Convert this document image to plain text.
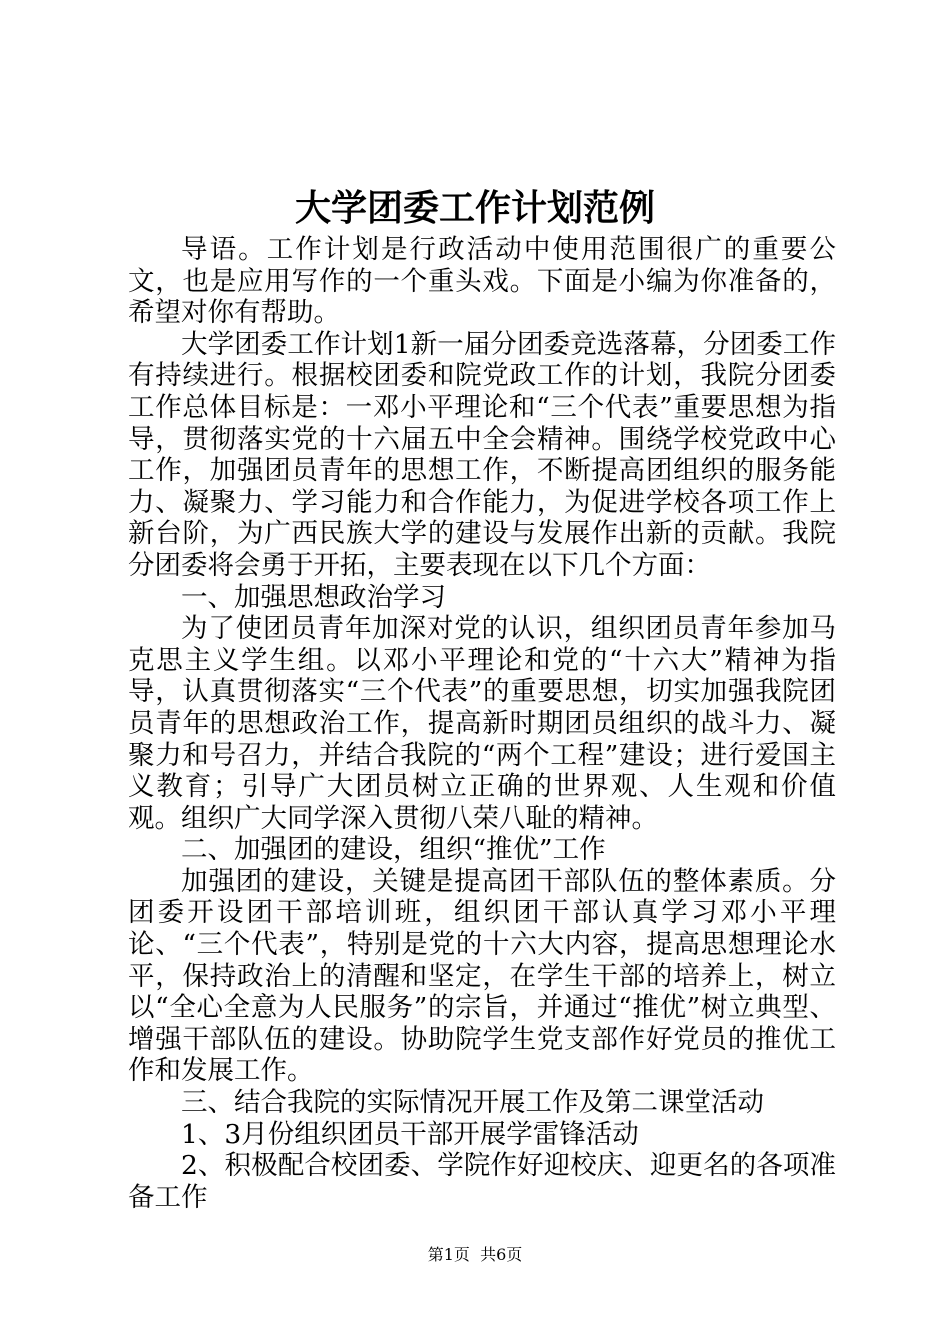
大学团委工作计划范例

导语。工作计划是行政活动中使用范围很广的重要公文，也是应用写作的一个重头戏。下面是小编为你准备的，希望对你有帮助。

大学团委工作计划1新一届分团委竞选落幕，分团委工作有持续进行。根据校团委和院党政工作的计划，我院分团委工作总体目标是：一邓小平理论和“三个代表”重要思想为指导，贯彻落实党的十六届五中全会精神。围绕学校党政中心工作，加强团员青年的思想工作，不断提高团组织的服务能力、凝聚力、学习能力和合作能力，为促进学校各项工作上新台阶，为广西民族大学的建设与发展作出新的贡献。我院分团委将会勇于开拓，主要表现在以下几个方面：

一、加强思想政治学习

为了使团员青年加深对党的认识，组织团员青年参加马克思主义学生组。以邓小平理论和党的“十六大”精神为指导，认真贯彻落实“三个代表”的重要思想，切实加强我院团员青年的思想政治工作，提高新时期团员组织的战斗力、凝聚力和号召力，并结合我院的“两个工程”建设；进行爱国主义教育；引导广大团员树立正确的世界观、人生观和价值观。组织广大同学深入贯彻八荣八耻的精神。

二、加强团的建设，组织“推优”工作

加强团的建设，关键是提高团干部队伍的整体素质。分团委开设团干部培训班，组织团干部认真学习邓小平理论、“三个代表”，特别是党的十六大内容，提高思想理论水平，保持政治上的清醒和坚定，在学生干部的培养上，树立以“全心全意为人民服务”的宗旨，并通过“推优”树立典型、增强干部队伍的建设。协助院学生党支部作好党员的推优工作和发展工作。

三、结合我院的实际情况开展工作及第二课堂活动

1、3月份组织团员干部开展学雷锋活动

2、积极配合校团委、学院作好迎校庆、迎更名的各项准备工作

第1页 共6页
